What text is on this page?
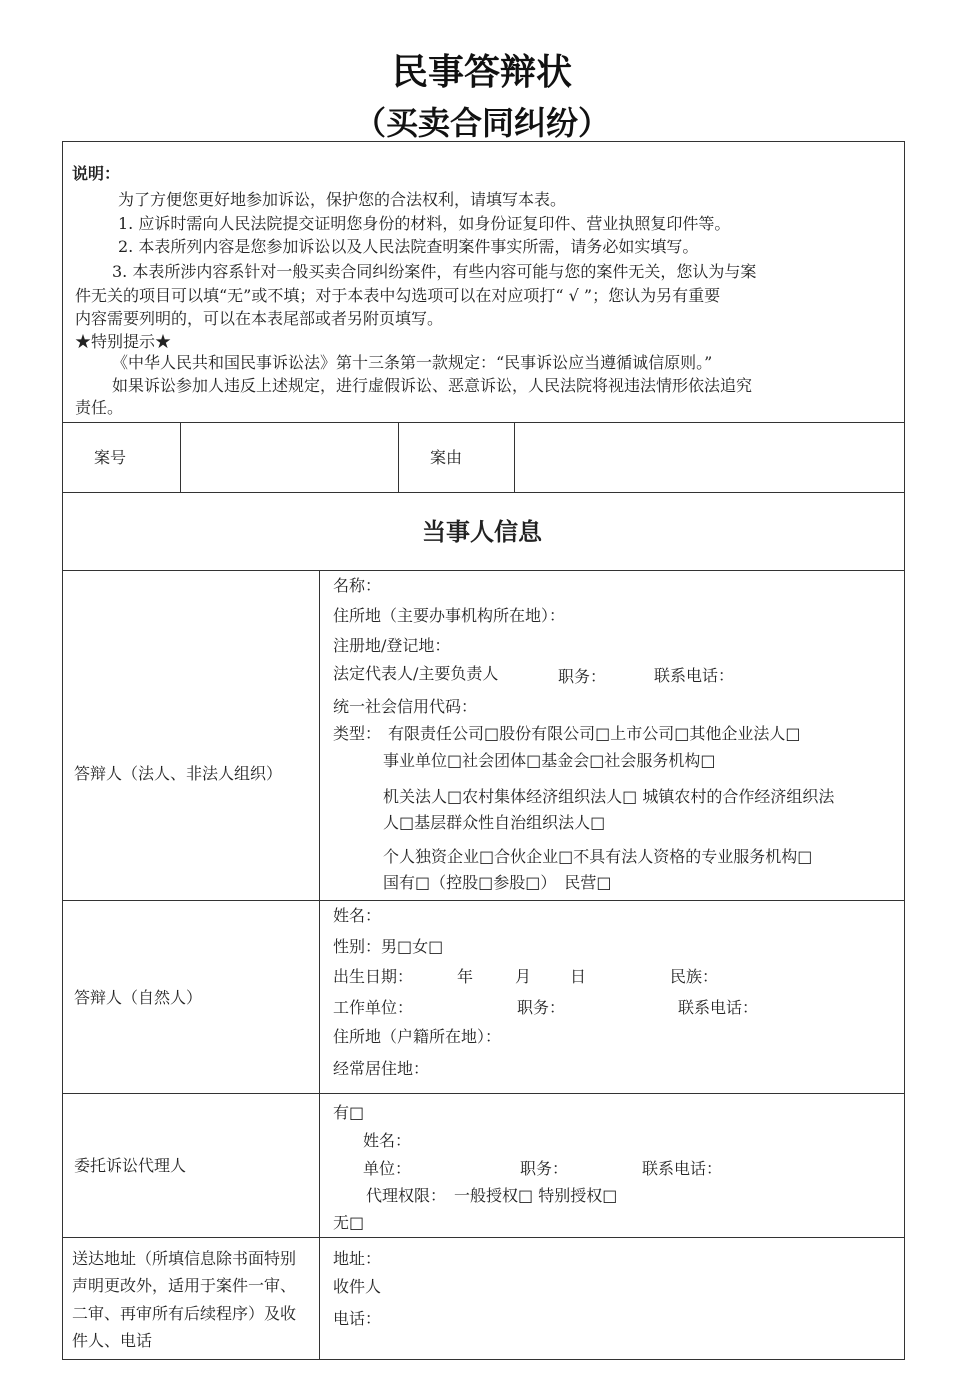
民事答辩状
（买卖合同纠纷）
说明：
为了方便您更好地参加诉讼，保护您的合法权利，请填写本表。
1. 应诉时需向人民法院提交证明您身份的材料，如身份证复印件、营业执照复印件等。
2. 本表所列内容是您参加诉讼以及人民法院查明案件事实所需，请务必如实填写。
3. 本表所涉内容系针对一般买卖合同纠纷案件，有些内容可能与您的案件无关，您认为与案
件无关的项目可以填“无”或不填；对于本表中勾选项可以在对应项打“ √ ”；您认为另有重要
内容需要列明的，可以在本表尾部或者另附页填写。
★特别提示★
《中华人民共和国民事诉讼法》第十三条第一款规定：“民事诉讼应当遵循诚信原则。”
如果诉讼参加人违反上述规定，进行虚假诉讼、恶意诉讼，人民法院将视违法情形依法追究
责任。
案号	案由
当事人信息
答辩人（法人、非法人组织）
名称：
住所地（主要办事机构所在地）：
注册地/登记地：
法定代表人/主要负责人	职务：	联系电话：
统一社会信用代码：
类型： 有限责任公司□股份有限公司□上市公司□其他企业法人□
事业单位□社会团体□基金会□社会服务机构□
机关法人□农村集体经济组织法人□ 城镇农村的合作经济组织法
人□基层群众性自治组织法人□
个人独资企业□合伙企业□不具有法人资格的专业服务机构□
国有□（控股□参股□）　民营□
答辩人（自然人）
姓名：
性别：男□女□
出生日期：	年	月 日	民族：
工作单位：	职务：	联系电话：
住所地（户籍所在地）：
经常居住地：
委托诉讼代理人
有□
姓名：
单位：	职务：	联系电话：
代理权限：　一般授权□ 特别授权□
无□
送达地址（所填信息除书面特别
声明更改外，适用于案件一审、
二审、再审所有后续程序）及收
件人、电话
地址：
收件人
电话：
